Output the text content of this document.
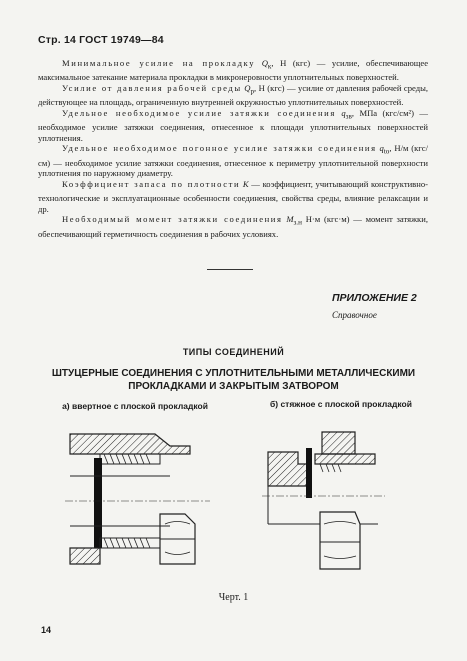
Стр. 14 ГОСТ 19749—84

Минимальное усилие на прокладку $Q_к$, Н (кгс) — усилие, обеспечивающее максимальное затекание материала прокладки в микронеровности уплотнительных поверхностей.

Усилие от давления рабочей среды $Q_р$, Н (кгс) — усилие от давления рабочей среды, действующее на площадь, ограниченную внутренней окружностью уплотнительных поверхностей.

Удельное необходимое усилие затяжки соединения $q_{зв}$, МПа (кгс/см²) — необходимое усилие затяжки соединения, отнесенное к площади уплотнительных поверхностей уплотнения.

Удельное необходимое погонное усилие затяжки соединения $q_{to}$, Н/м (кгс/см) — необходимое усилие затяжки соединения, отнесенное к периметру уплотнительной поверхности уплотнения по наружному диаметру.

Коэффициент запаса по плотности K — коэффициент, учитывающий конструктивно-технологические и эксплуатационные особенности соединения, свойства среды, влияние релаксации и др.

Необходимый момент затяжки соединения $M_{з.н}$ Н·м (кгс·м) — момент затяжки, обеспечивающий герметичность соединения в рабочих условиях.

ПРИЛОЖЕНИЕ 2
Справочное
ТИПЫ СОЕДИНЕНИЙ
ШТУЦЕРНЫЕ СОЕДИНЕНИЯ С УПЛОТНИТЕЛЬНЫМИ МЕТАЛЛИЧЕСКИМИ ПРОКЛАДКАМИ И ЗАКРЫТЫМ ЗАТВОРОМ
а) ввертное с плоской прокладкой	б) стяжное с плоской прокладкой
Черт. 1
14
